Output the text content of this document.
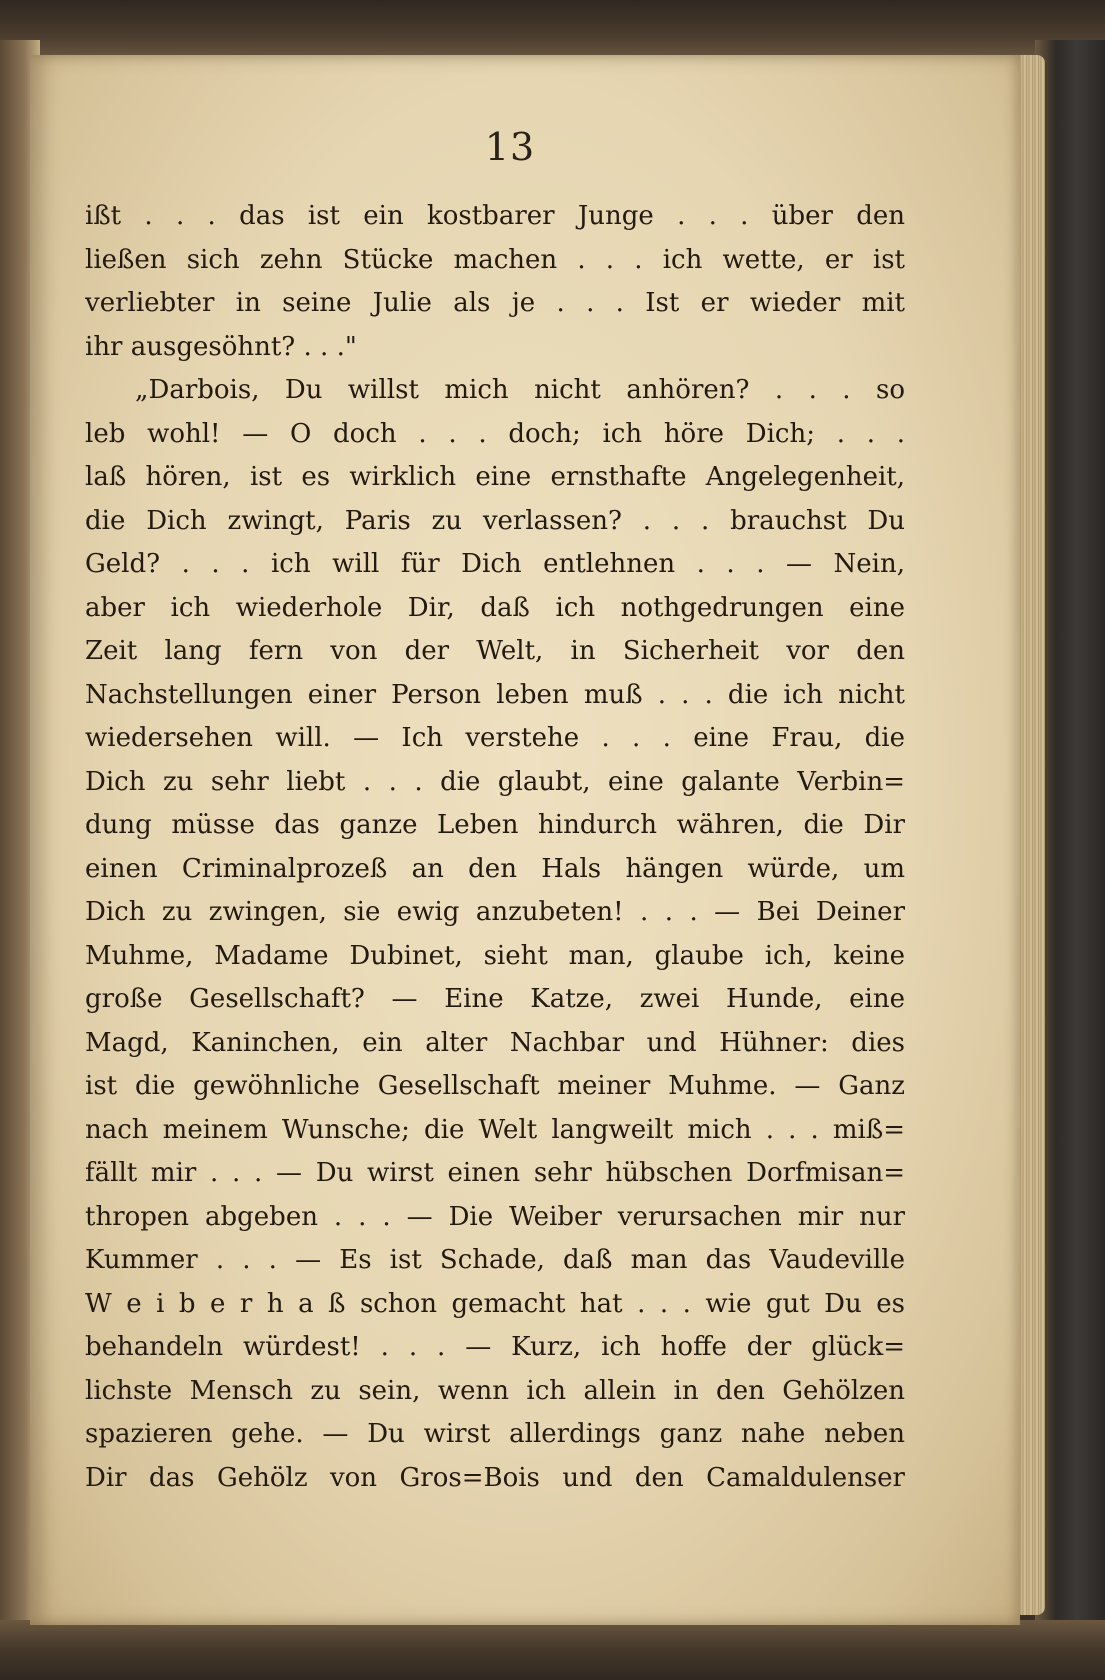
13
ißt . . . das ist ein kostbarer Junge . . . über den
ließen sich zehn Stücke machen . . . ich wette, er ist
verliebter in seine Julie als je . . . Ist er wieder mit
ihr ausgesöhnt? . . ."
„Darbois, Du willst mich nicht anhören? . . . so
leb wohl! — O doch . . . doch; ich höre Dich; . . .
laß hören, ist es wirklich eine ernsthafte Angelegenheit,
die Dich zwingt, Paris zu verlassen? . . . brauchst Du
Geld? . . . ich will für Dich entlehnen . . . — Nein,
aber ich wiederhole Dir, daß ich nothgedrungen eine
Zeit lang fern von der Welt, in Sicherheit vor den
Nachstellungen einer Person leben muß . . . die ich nicht
wiedersehen will. — Ich verstehe . . . eine Frau, die
Dich zu sehr liebt . . . die glaubt, eine galante Verbin=
dung müsse das ganze Leben hindurch währen, die Dir
einen Criminalprozeß an den Hals hängen würde, um
Dich zu zwingen, sie ewig anzubeten! . . . — Bei Deiner
Muhme, Madame Dubinet, sieht man, glaube ich, keine
große Gesellschaft? — Eine Katze, zwei Hunde, eine
Magd, Kaninchen, ein alter Nachbar und Hühner: dies
ist die gewöhnliche Gesellschaft meiner Muhme. — Ganz
nach meinem Wunsche; die Welt langweilt mich . . . miß=
fällt mir . . . — Du wirst einen sehr hübschen Dorfmisan=
thropen abgeben . . . — Die Weiber verursachen mir nur
Kummer . . . — Es ist Schade, daß man das Vaudeville
W e i b e r h a ß schon gemacht hat . . . wie gut Du es
behandeln würdest! . . . — Kurz, ich hoffe der glück=
lichste Mensch zu sein, wenn ich allein in den Gehölzen
spazieren gehe. — Du wirst allerdings ganz nahe neben
Dir das Gehölz von Gros=Bois und den Camaldulenser
